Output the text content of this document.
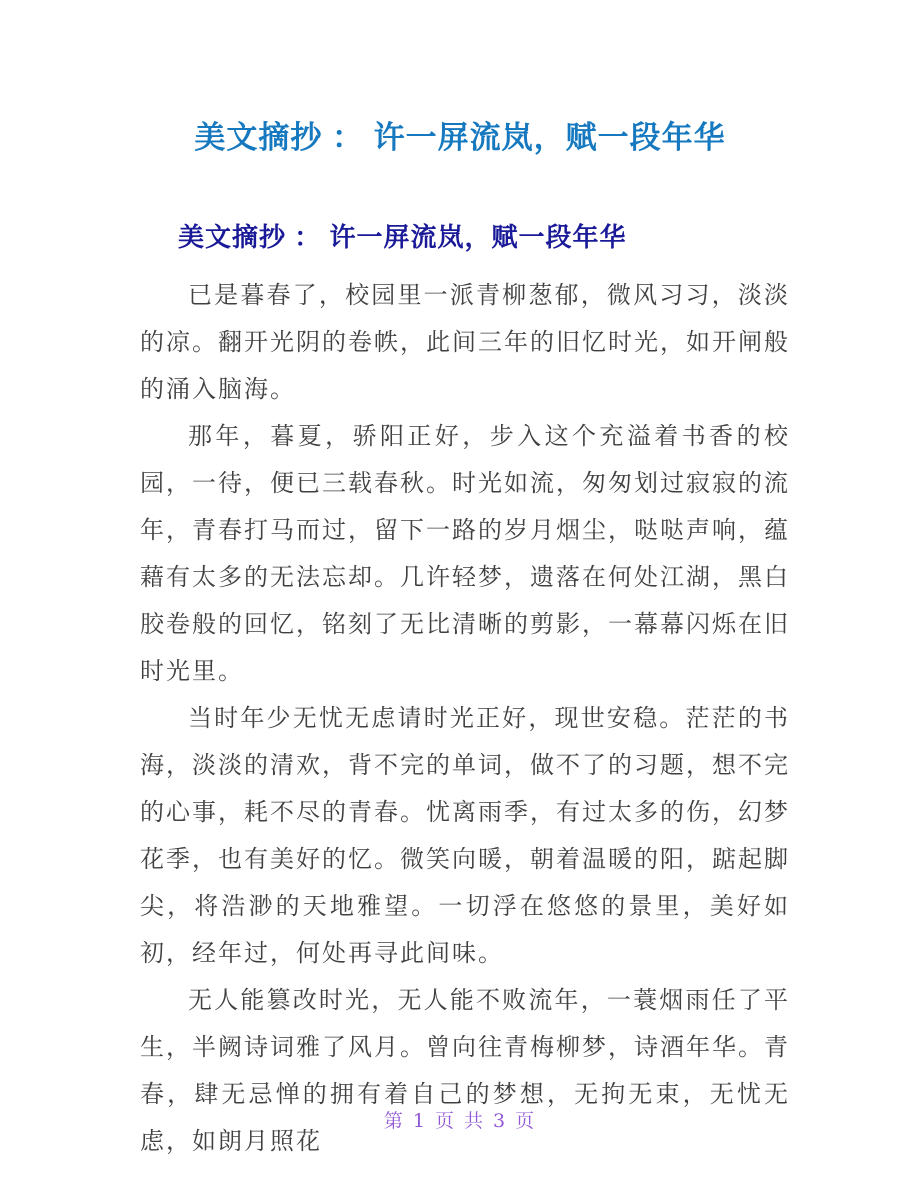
美文摘抄 ： 许一屏流岚，赋一段年华
美文摘抄 ： 许一屏流岚，赋一段年华

已是暮春了，校园里一派青柳葱郁，微风习习，淡淡的凉。翻开光阴的卷帙，此间三年的旧忆时光，如开闸般的涌入脑海。

那年，暮夏，骄阳正好，步入这个充溢着书香的校园，一待，便已三载春秋。时光如流，匆匆划过寂寂的流年，青春打马而过，留下一路的岁月烟尘，哒哒声响，蕴藉有太多的无法忘却。几许轻梦，遗落在何处江湖，黑白胶卷般的回忆，铭刻了无比清晰的剪影，一幕幕闪烁在旧时光里。

当时年少无忧无虑请时光正好，现世安稳。茫茫的书海，淡淡的清欢，背不完的单词，做不了的习题，想不完的心事，耗不尽的青春。忧离雨季，有过太多的伤，幻梦花季，也有美好的忆。微笑向暖，朝着温暖的阳，踮起脚尖，将浩渺的天地雅望。一切浮在悠悠的景里，美好如初，经年过，何处再寻此间味。

无人能篡改时光，无人能不败流年，一蓑烟雨任了平生，半阙诗词雅了风月。曾向往青梅柳梦，诗酒年华。青春，肆无忌惮的拥有着自己的梦想，无拘无束，无忧无虑，如朗月照花

第 1 页 共 3 页
